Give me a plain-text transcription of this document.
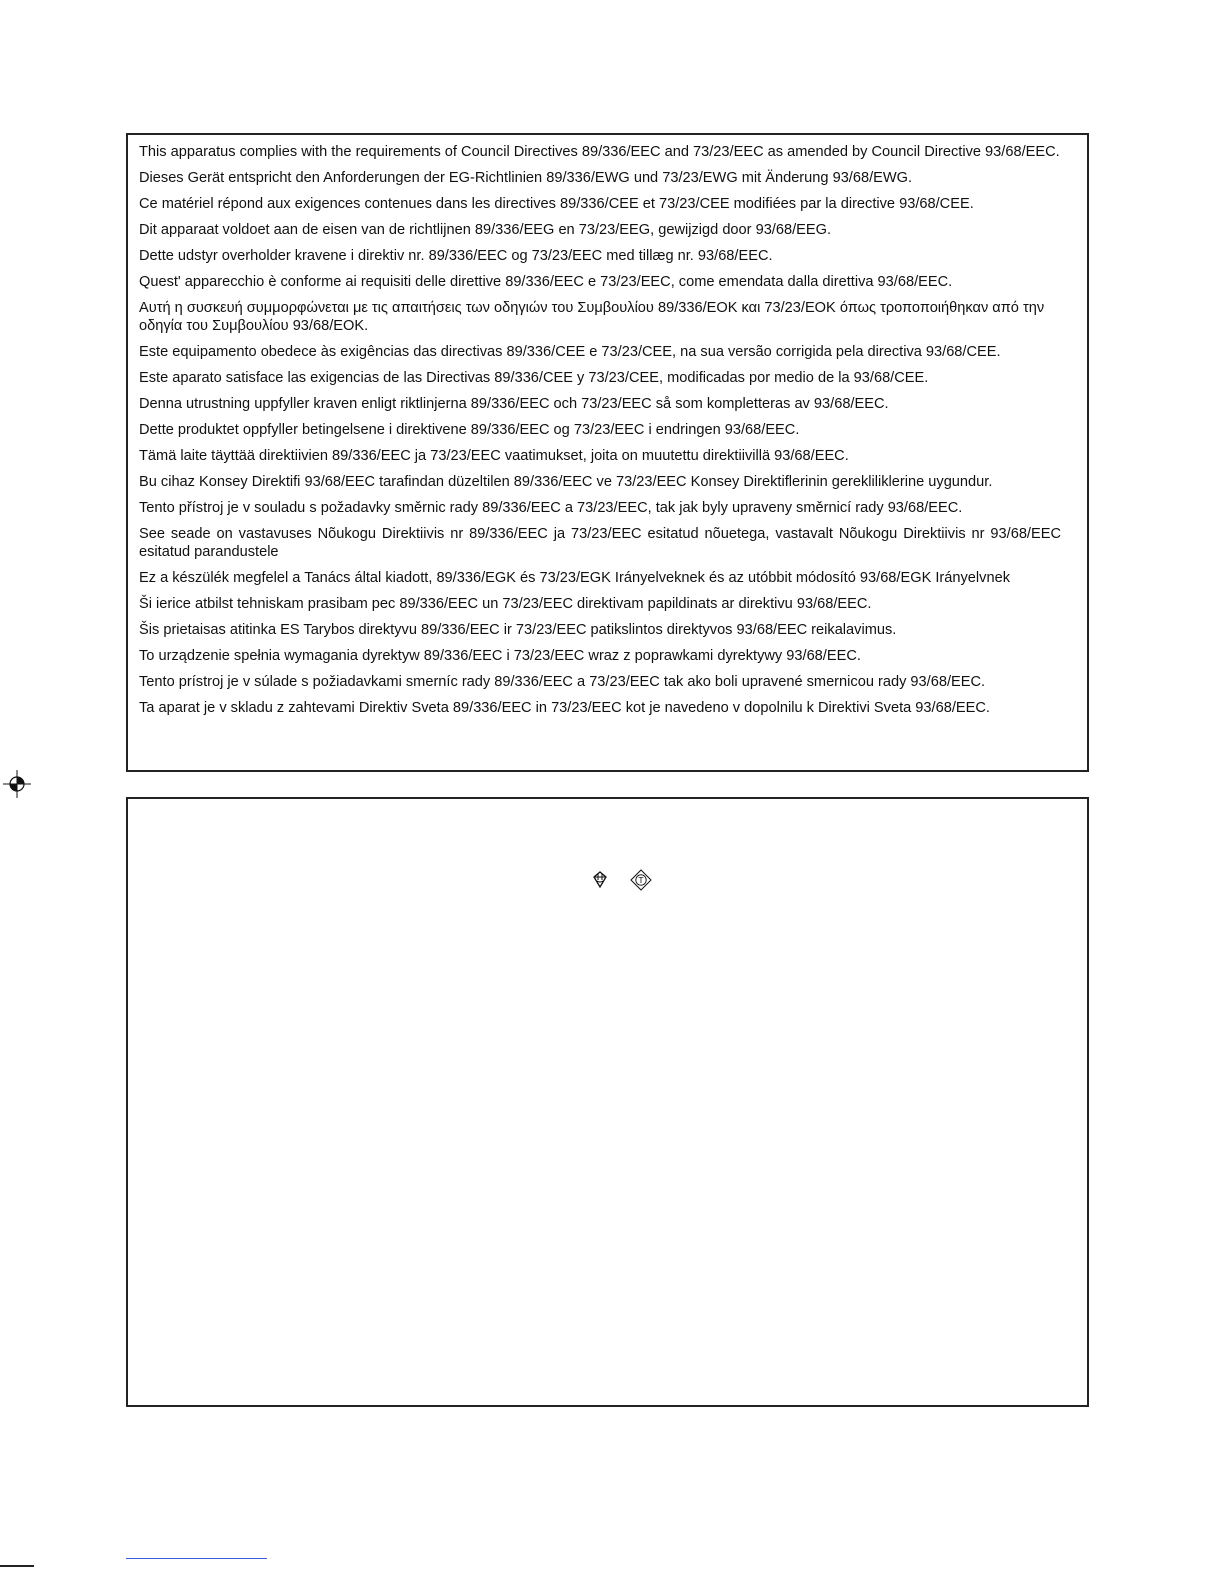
This apparatus complies with the requirements of Council Directives 89/336/EEC and 73/23/EEC as amended by Council Directive 93/68/EEC.

Dieses Gerät entspricht den Anforderungen der EG-Richtlinien 89/336/EWG und 73/23/EWG mit Änderung 93/68/EWG.

Ce matériel répond aux exigences contenues dans les directives 89/336/CEE et 73/23/CEE modifiées par la directive 93/68/CEE.

Dit apparaat voldoet aan de eisen van de richtlijnen 89/336/EEG en 73/23/EEG, gewijzigd door 93/68/EEG.

Dette udstyr overholder kravene i direktiv nr. 89/336/EEC og 73/23/EEC med tillæg nr. 93/68/EEC.

Quest' apparecchio è conforme ai requisiti delle direttive 89/336/EEC e 73/23/EEC, come emendata dalla direttiva 93/68/EEC.

Αυτή η συσκευή συμμορφώνεται με τις απαιτήσεις των οδηγιών του Συμβουλίου 89/336/EOK και 73/23/EOK όπως τροποποιήθηκαν από την οδηγία του Συμβουλίου 93/68/EOK.

Este equipamento obedece às exigências das directivas 89/336/CEE e 73/23/CEE, na sua versão corrigida pela directiva 93/68/CEE.

Este aparato satisface las exigencias de las Directivas 89/336/CEE y 73/23/CEE, modificadas por medio de la 93/68/CEE.

Denna utrustning uppfyller kraven enligt riktlinjerna 89/336/EEC och 73/23/EEC så som kompletteras av 93/68/EEC.

Dette produktet oppfyller betingelsene i direktivene 89/336/EEC og 73/23/EEC i endringen 93/68/EEC.

Tämä laite täyttää direktiivien 89/336/EEC ja 73/23/EEC vaatimukset, joita on muutettu direktiivillä 93/68/EEC.

Bu cihaz Konsey Direktifi 93/68/EEC tarafindan düzeltilen 89/336/EEC ve 73/23/EEC Konsey Direktiflerinin gerekliliklerine uygundur.

Tento přístroj je v souladu s požadavky směrnic rady 89/336/EEC a 73/23/EEC, tak jak byly upraveny směrnicí rady 93/68/EEC.

See seade on vastavuses Nõukogu Direktiivis nr 89/336/EEC ja 73/23/EEC esitatud nõuetega, vastavalt Nõukogu Direktiivis nr 93/68/EEC esitatud parandustele

Ez a készülék megfelel a Tanács által kiadott, 89/336/EGK és 73/23/EGK Irányelveknek és az utóbbit módosító 93/68/EGK Irányelvnek

Ši ierice atbilst tehniskam prasibam pec 89/336/EEC un 73/23/EEC direktivam papildinats ar direktivu 93/68/EEC.

Šis prietaisas atitinka ES Tarybos direktyvu 89/336/EEC ir 73/23/EEC patikslintos direktyvos 93/68/EEC reikalavimus.

To urządzenie spełnia wymagania dyrektyw 89/336/EEC i 73/23/EEC wraz z poprawkami dyrektywy 93/68/EEC.

Tento prístroj je v súlade s požiadavkami smerníc rady 89/336/EEC a 73/23/EEC tak ako boli upravené smernicou rady 93/68/EEC.

Ta aparat je v skladu z zahtevami Direktiv Sveta 89/336/EEC in 73/23/EEC kot je navedeno v dopolnilu k Direktivi Sveta 93/68/EEC.

T
